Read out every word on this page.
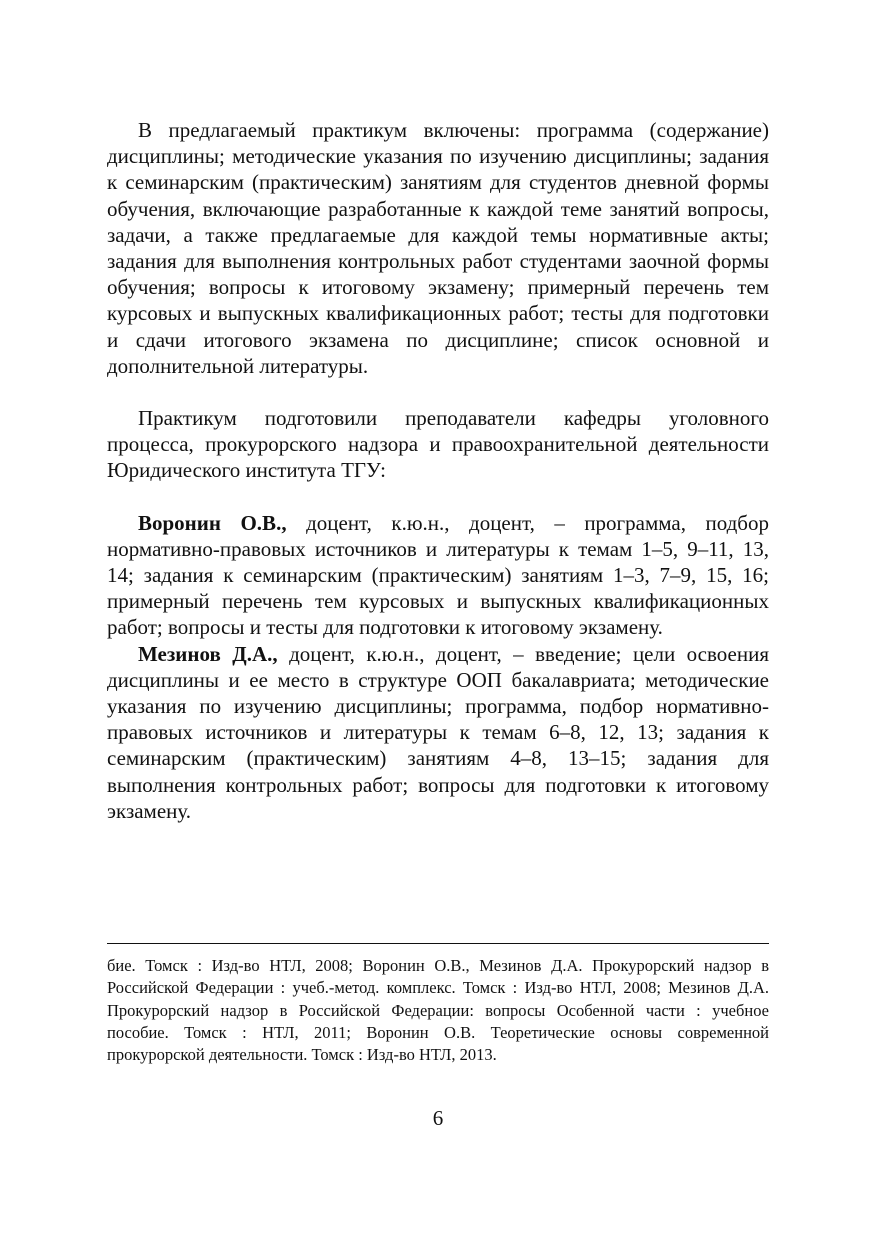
В предлагаемый практикум включены: программа (содержание) дисциплины; методические указания по изучению дисциплины; задания к семинарским (практическим) занятиям для студентов дневной формы обучения, включающие разработанные к каждой теме занятий вопросы, задачи, а также предлагаемые для каждой темы нормативные акты; задания для выполнения контрольных работ студентами заочной формы обучения; вопросы к итоговому экзамену; примерный перечень тем курсовых и выпускных квалификационных работ; тесты для подготовки и сдачи итогового экзамена по дисциплине; список основной и дополнительной литературы.

Практикум подготовили преподаватели кафедры уголовного процесса, прокурорского надзора и правоохранительной деятельности Юридического института ТГУ:

Воронин О.В., доцент, к.ю.н., доцент, – программа, подбор нормативно-правовых источников и литературы к темам 1–5, 9–11, 13, 14; задания к семинарским (практическим) занятиям 1–3, 7–9, 15, 16; примерный перечень тем курсовых и выпускных квалификационных работ; вопросы и тесты для подготовки к итоговому экзамену.

Мезинов Д.А., доцент, к.ю.н., доцент, – введение; цели освоения дисциплины и ее место в структуре ООП бакалавриата; методические указания по изучению дисциплины; программа, подбор нормативно-правовых источников и литературы к темам 6–8, 12, 13; задания к семинарским (практическим) занятиям 4–8, 13–15; задания для выполнения контрольных работ; вопросы для подготовки к итоговому экзамену.

бие. Томск : Изд-во НТЛ, 2008; Воронин О.В., Мезинов Д.А. Прокурорский надзор в Российской Федерации : учеб.-метод. комплекс. Томск : Изд-во НТЛ, 2008; Мезинов Д.А. Прокурорский надзор в Российской Федерации: вопросы Особенной части : учебное пособие. Томск : НТЛ, 2011; Воронин О.В. Теоретические основы современной прокурорской деятельности. Томск : Изд-во НТЛ, 2013.

6
